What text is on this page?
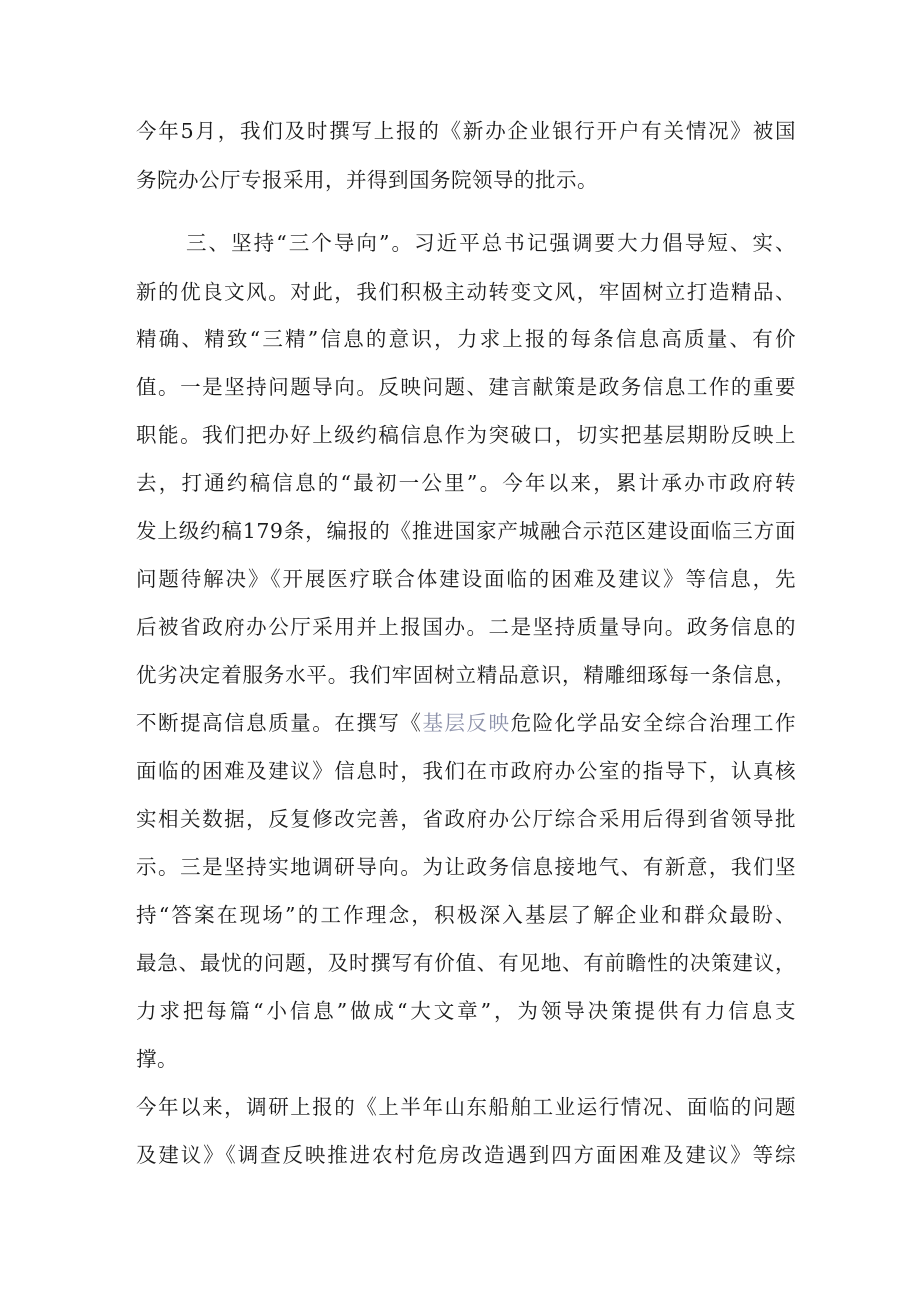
今年5月，我们及时撰写上报的《新办企业银行开户有关情况》被国
务院办公厅专报采用，并得到国务院领导的批示。
三、坚持“三个导向”。习近平总书记强调要大力倡导短、实、
新的优良文风。对此，我们积极主动转变文风，牢固树立打造精品、
精确、精致“三精”信息的意识，力求上报的每条信息高质量、有价
值。一是坚持问题导向。反映问题、建言献策是政务信息工作的重要
职能。我们把办好上级约稿信息作为突破口，切实把基层期盼反映上
去，打通约稿信息的“最初一公里”。今年以来，累计承办市政府转
发上级约稿179条，编报的《推进国家产城融合示范区建设面临三方面
问题待解决》《开展医疗联合体建设面临的困难及建议》等信息，先
后被省政府办公厅采用并上报国办。二是坚持质量导向。政务信息的
优劣决定着服务水平。我们牢固树立精品意识，精雕细琢每一条信息，
不断提高信息质量。在撰写《基层反映危险化学品安全综合治理工作
面临的困难及建议》信息时，我们在市政府办公室的指导下，认真核
实相关数据，反复修改完善，省政府办公厅综合采用后得到省领导批
示。三是坚持实地调研导向。为让政务信息接地气、有新意，我们坚
持“答案在现场”的工作理念，积极深入基层了解企业和群众最盼、
最急、最忧的问题，及时撰写有价值、有见地、有前瞻性的决策建议，
力求把每篇“小信息”做成“大文章”，为领导决策提供有力信息支
撑。
今年以来，调研上报的《上半年山东船舶工业运行情况、面临的问题
及建议》《调查反映推进农村危房改造遇到四方面困难及建议》等综
